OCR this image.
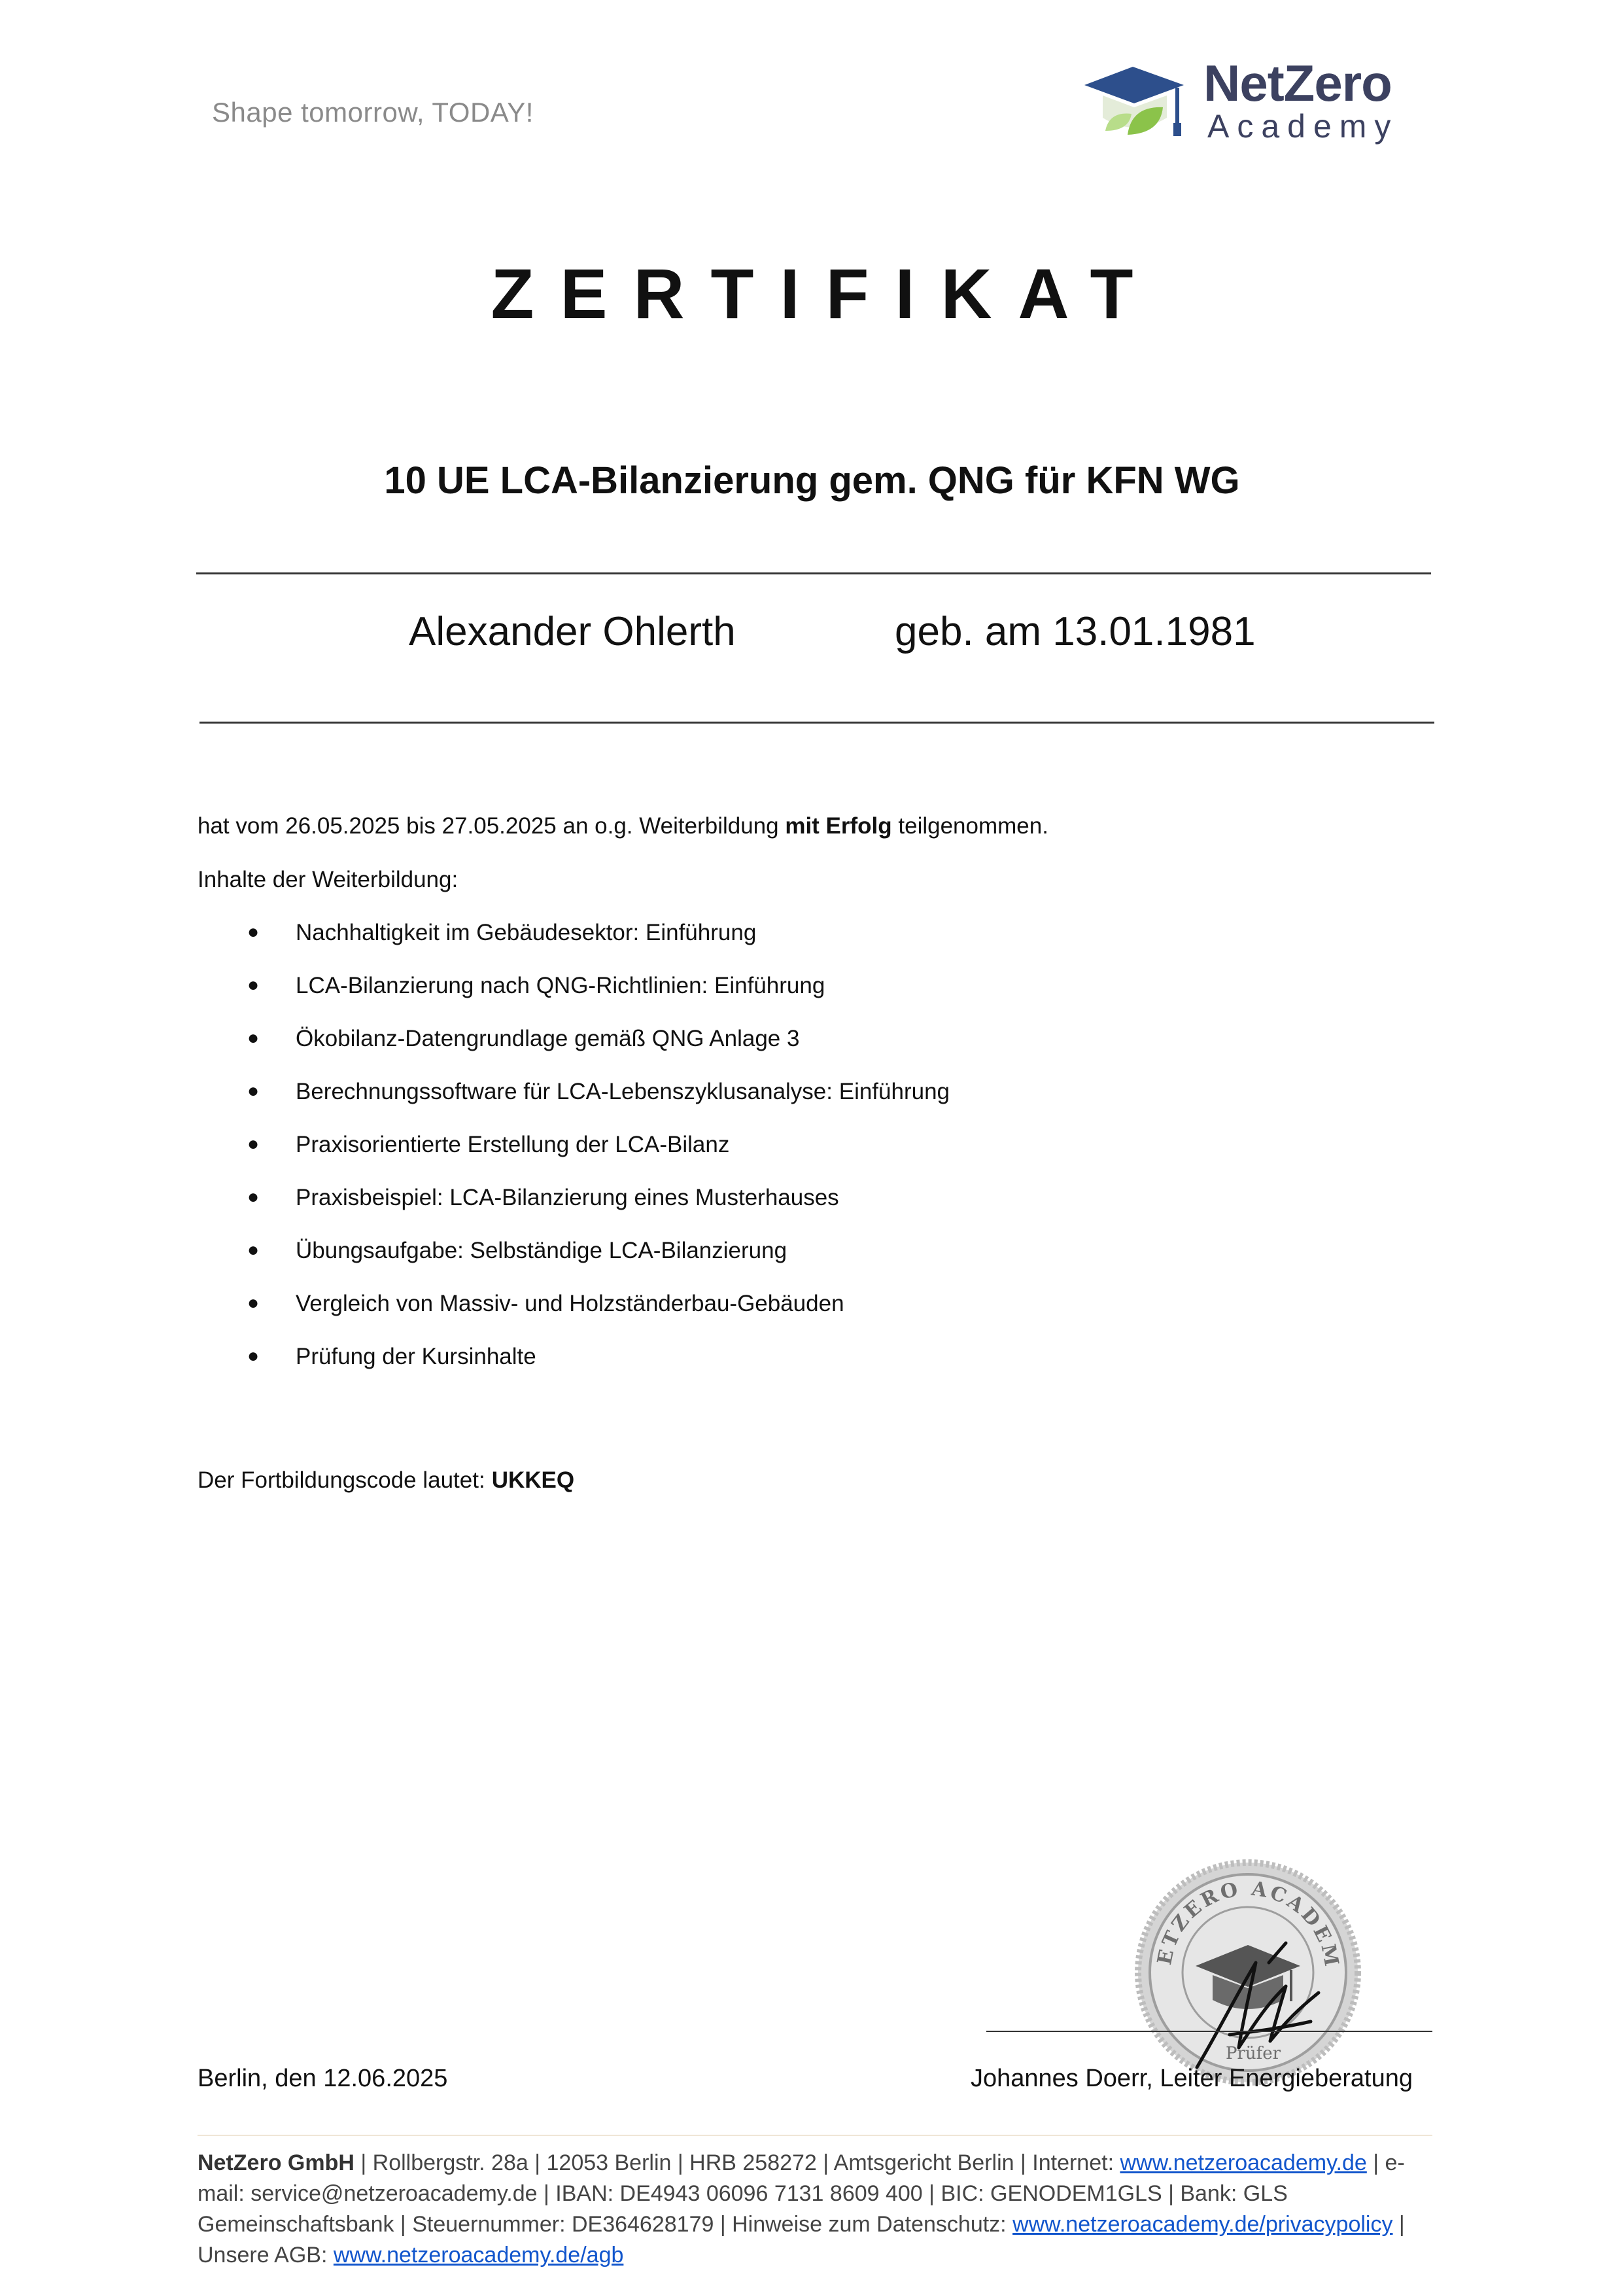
Shape tomorrow, TODAY!
NetZero
Academy
ZERTIFIKAT
10 UE LCA-Bilanzierung gem. QNG für KFN WG
Alexander Ohlerth	geb. am 13.01.1981
hat vom 26.05.2025 bis 27.05.2025 an o.g. Weiterbildung mit Erfolg teilgenommen.
Inhalte der Weiterbildung:
● Nachhaltigkeit im Gebäudesektor: Einführung
● LCA-Bilanzierung nach QNG-Richtlinien: Einführung
● Ökobilanz-Datengrundlage gemäß QNG Anlage 3
● Berechnungssoftware für LCA-Lebenszyklusanalyse: Einführung
● Praxisorientierte Erstellung der LCA-Bilanz
● Praxisbeispiel: LCA-Bilanzierung eines Musterhauses
● Übungsaufgabe: Selbständige LCA-Bilanzierung
● Vergleich von Massiv- und Holzständerbau-Gebäuden
● Prüfung der Kursinhalte
Der Fortbildungscode lautet: UKKEQ
ETZERO ACADEM
Prüfer
Berlin, den 12.06.2025	Johannes Doerr, Leiter Energieberatung
NetZero GmbH | Rollbergstr. 28a | 12053 Berlin | HRB 258272 | Amtsgericht Berlin | Internet: www.netzeroacademy.de | e-mail: service@netzeroacademy.de | IBAN: DE4943 06096 7131 8609 400 | BIC: GENODEM1GLS | Bank: GLS Gemeinschaftsbank | Steuernummer: DE364628179 | Hinweise zum Datenschutz: www.netzeroacademy.de/privacypolicy | Unsere AGB: www.netzeroacademy.de/agb
